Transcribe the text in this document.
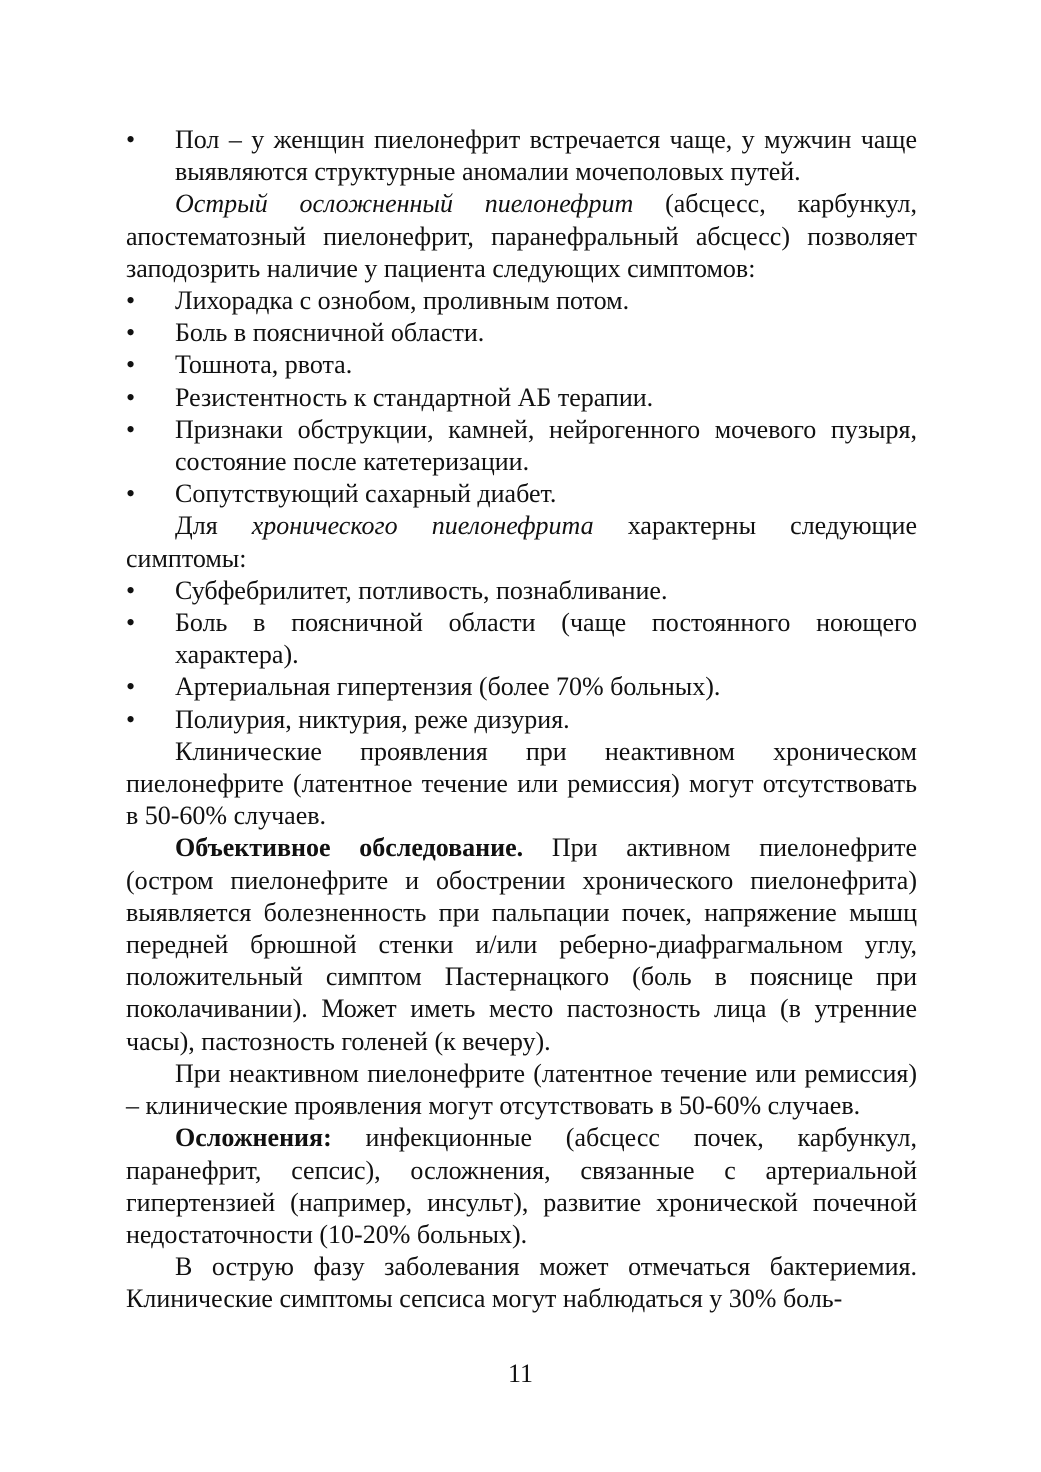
• Пол – у женщин пиелонефрит встречается чаще, у мужчин чаще выявляются структурные аномалии мочеполовых путей.
Острый осложненный пиелонефрит (абсцесс, карбункул, апостематозный пиелонефрит, паранефральный абсцесс) позволяет заподозрить наличие у пациента следующих симптомов:
• Лихорадка с ознобом, проливным потом.
• Боль в поясничной области.
• Тошнота, рвота.
• Резистентность к стандартной АБ терапии.
• Признаки обструкции, камней, нейрогенного мочевого пузыря, состояние после катетеризации.
• Сопутствующий сахарный диабет.
Для хронического пиелонефрита характерны следующие симптомы:
• Субфебрилитет, потливость, познабливание.
• Боль в поясничной области (чаще постоянного ноющего характера).
• Артериальная гипертензия (более 70% больных).
• Полиурия, никтурия, реже дизурия.
Клинические проявления при неактивном хроническом пиелонефрите (латентное течение или ремиссия) могут отсутствовать в 50-60% случаев.
Объективное обследование. При активном пиелонефрите (остром пиелонефрите и обострении хронического пиелонефрита) выявляется болезненность при пальпации почек, напряжение мышц передней брюшной стенки и/или реберно-диафрагмальном углу, положительный симптом Пастернацкого (боль в пояснице при поколачивании). Может иметь место пастозность лица (в утренние часы), пастозность голеней (к вечеру).
При неактивном пиелонефрите (латентное течение или ремиссия) – клинические проявления могут отсутствовать в 50-60% случаев.
Осложнения: инфекционные (абсцесс почек, карбункул, паранефрит, сепсис), осложнения, связанные с артериальной гипертензией (например, инсульт), развитие хронической почечной недостаточности (10-20% больных).
В острую фазу заболевания может отмечаться бактериемия. Клинические симптомы сепсиса могут наблюдаться у 30% боль-
11
